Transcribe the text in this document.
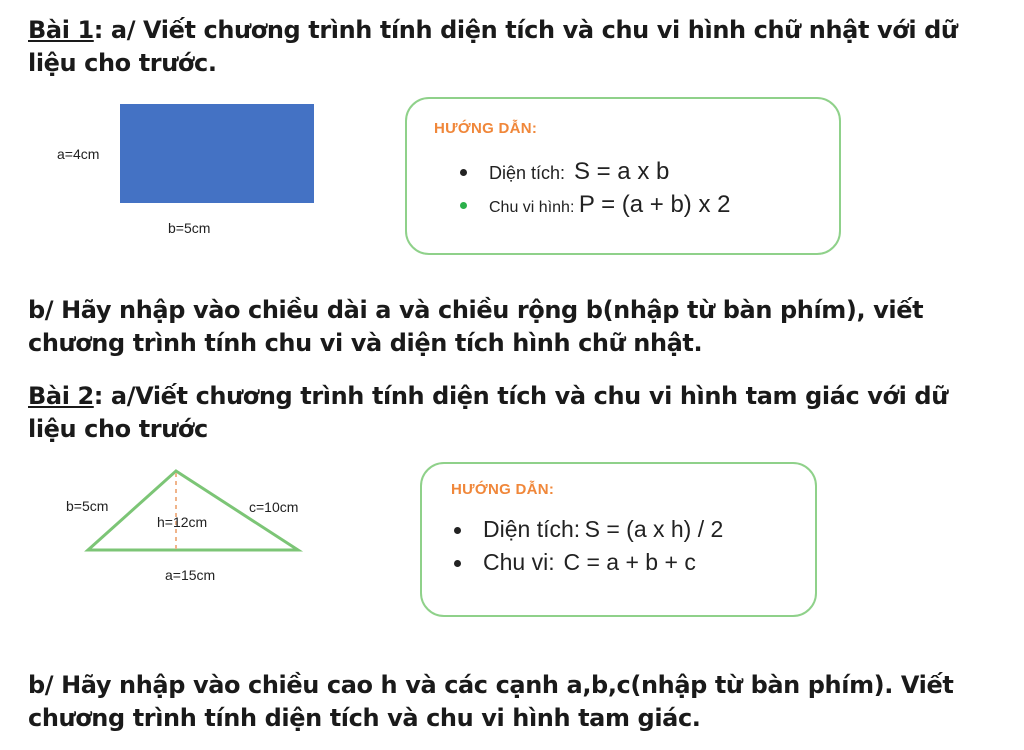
Bài 1: a/ Viết chương trình tính diện tích và chu vi hình chữ nhật với dữ liệu cho trước.
a=4cm
b=5cm
HƯỚNG DẪN:
Diện tích: S = a x b
Chu vi hình: P = (a + b) x 2
b/ Hãy nhập vào chiều dài a và chiều rộng b(nhập từ bàn phím), viết chương trình tính chu vi và diện tích hình chữ nhật.
Bài 2: a/Viết chương trình tính diện tích và chu vi hình tam giác với dữ liệu cho trước
b=5cm	c=10cm
h=12cm
a=15cm
HƯỚNG DẪN:
Diện tích: S = (a x h) / 2
Chu vi: C = a + b + c
b/ Hãy nhập vào chiều cao h và các cạnh a,b,c(nhập từ bàn phím). Viết chương trình tính diện tích và chu vi hình tam giác.
